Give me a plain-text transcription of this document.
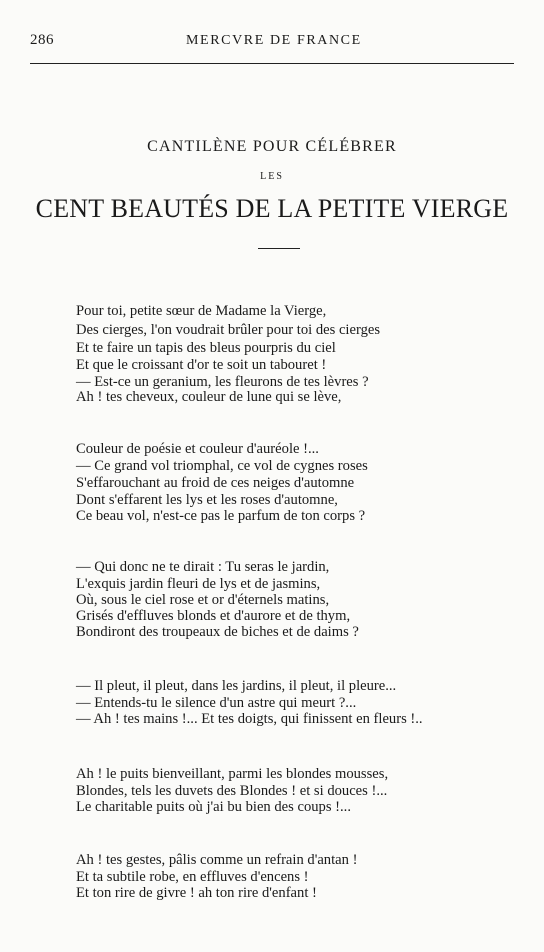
286	MERCVRE DE FRANCE
CANTILÈNE POUR CÉLÉBRER
LES
CENT BEAUTÉS DE LA PETITE VIERGE
Pour toi, petite sœur de Madame la Vierge,
Des cierges, l'on voudrait brûler pour toi des cierges
Et te faire un tapis des bleus pourpris du ciel
Et que le croissant d'or te soit un tabouret !
— Est-ce un geranium, les fleurons de tes lèvres ?
Ah ! tes cheveux, couleur de lune qui se lève,
Couleur de poésie et couleur d'auréole !...
— Ce grand vol triomphal, ce vol de cygnes roses
S'effarouchant au froid de ces neiges d'automne
Dont s'effarent les lys et les roses d'automne,
Ce beau vol, n'est-ce pas le parfum de ton corps ?
— Qui donc ne te dirait : Tu seras le jardin,
L'exquis jardin fleuri de lys et de jasmins,
Où, sous le ciel rose et or d'éternels matins,
Grisés d'effluves blonds et d'aurore et de thym,
Bondiront des troupeaux de biches et de daims ?
— Il pleut, il pleut, dans les jardins, il pleut, il pleure...
— Entends-tu le silence d'un astre qui meurt ?...
— Ah ! tes mains !... Et tes doigts, qui finissent en fleurs !..
Ah ! le puits bienveillant, parmi les blondes mousses,
Blondes, tels les duvets des Blondes ! et si douces !...
Le charitable puits où j'ai bu bien des coups !...
Ah ! tes gestes, pâlis comme un refrain d'antan !
Et ta subtile robe, en effluves d'encens !
Et ton rire de givre ! ah ton rire d'enfant !
